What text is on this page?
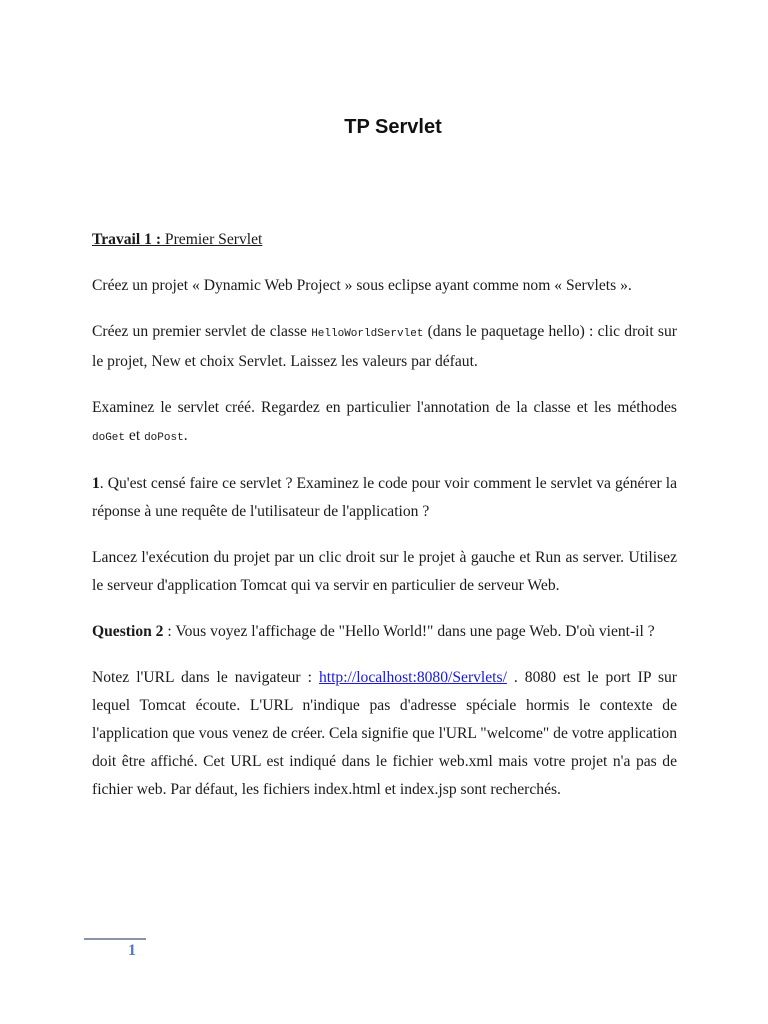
TP Servlet

Travail 1 : Premier Servlet

Créez un projet « Dynamic Web Project » sous eclipse ayant comme nom « Servlets ».

Créez un premier servlet de classe HelloWorldServlet (dans le paquetage hello) : clic droit sur le projet, New et choix Servlet. Laissez les valeurs par défaut.

Examinez le servlet créé. Regardez en particulier l'annotation de la classe et les méthodes doGet et doPost.

1. Qu'est censé faire ce servlet ? Examinez le code pour voir comment le servlet va générer la réponse à une requête de l'utilisateur de l'application ?

Lancez l'exécution du projet par un clic droit sur le projet à gauche et Run as server. Utilisez le serveur d'application Tomcat qui va servir en particulier de serveur Web.

Question 2 : Vous voyez l'affichage de "Hello World!" dans une page Web. D'où vient-il ?

Notez l'URL dans le navigateur : http://localhost:8080/Servlets/ . 8080 est le port IP sur lequel Tomcat écoute. L'URL n'indique pas d'adresse spéciale hormis le contexte de l'application que vous venez de créer. Cela signifie que l'URL "welcome" de votre application doit être affiché. Cet URL est indiqué dans le fichier web.xml mais votre projet n'a pas de fichier web. Par défaut, les fichiers index.html et index.jsp sont recherchés.

1
